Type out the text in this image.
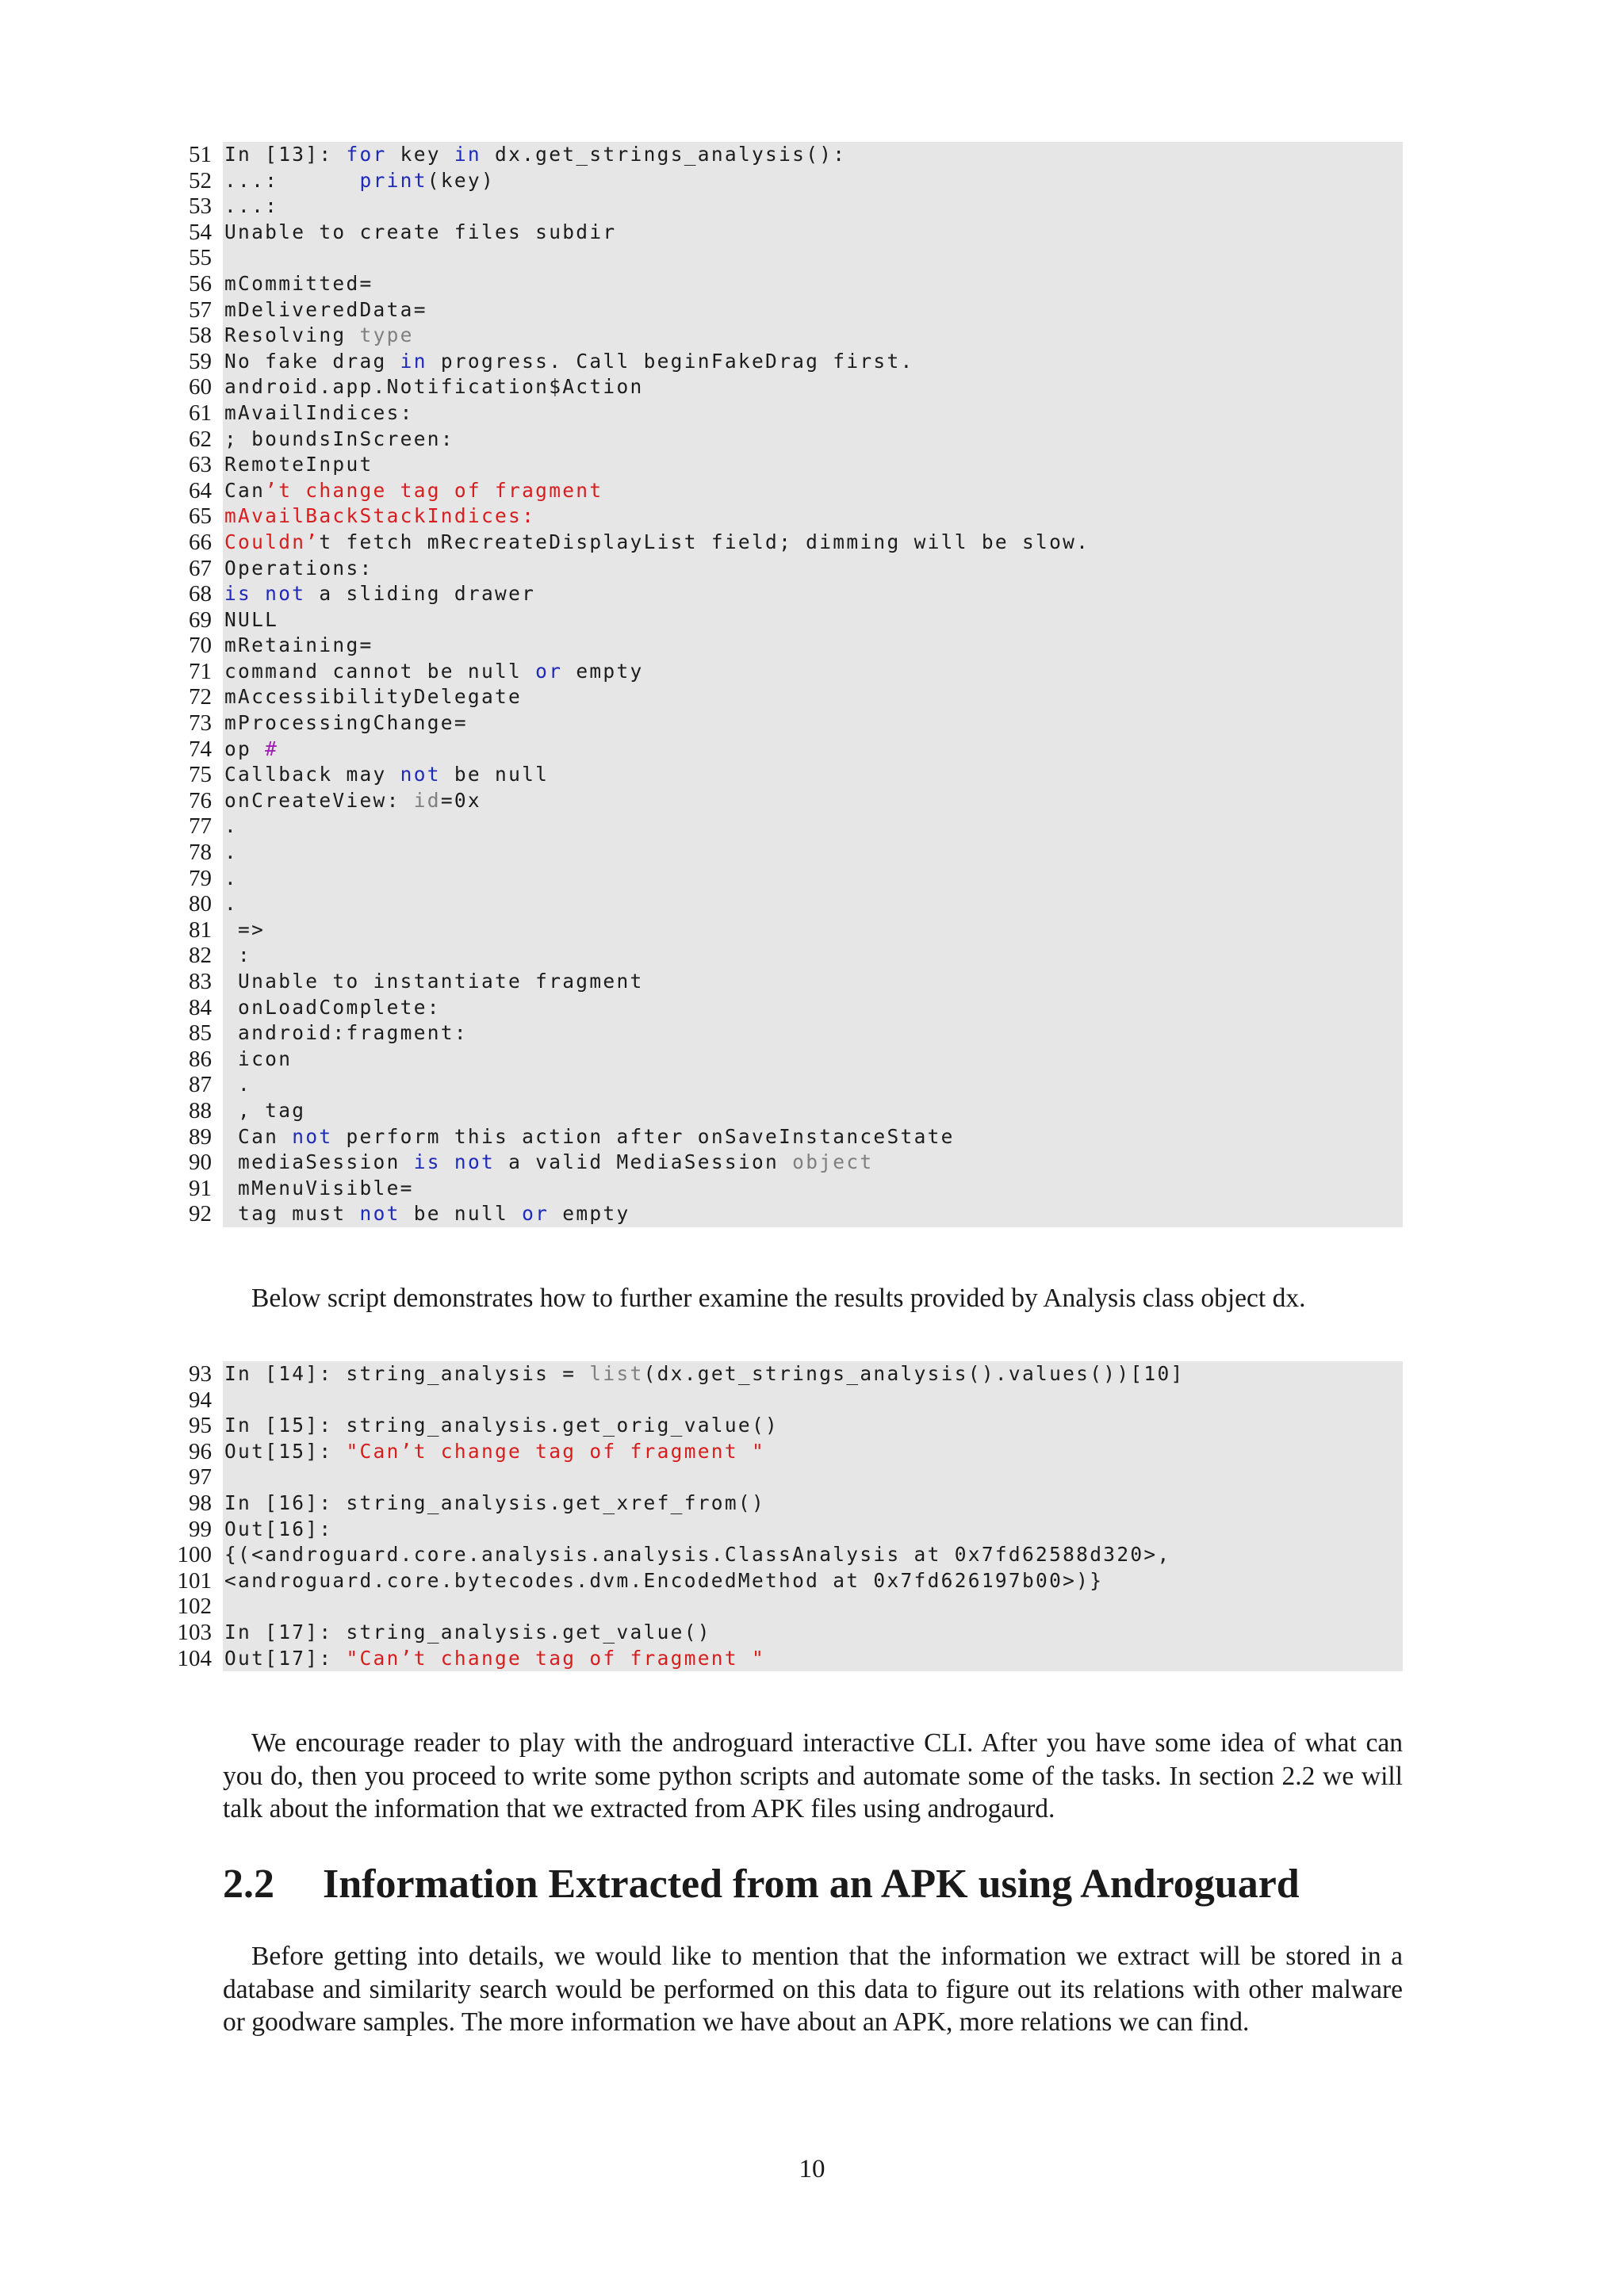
51 In [13]: for key in dx.get_strings_analysis():
52 ...:      print(key)
53 ...:
54 Unable to create files subdir
55
56 mCommitted=
57 mDeliveredData=
58 Resolving type
59 No fake drag in progress. Call beginFakeDrag first.
60 android.app.Notification$Action
61 mAvailIndices:
62 ; boundsInScreen:
63 RemoteInput
64 Can’t change tag of fragment
65 mAvailBackStackIndices:
66 Couldn’t fetch mRecreateDisplayList field; dimming will be slow.
67 Operations:
68 is not a sliding drawer
69 NULL
70 mRetaining=
71 command cannot be null or empty
72 mAccessibilityDelegate
73 mProcessingChange=
74 op #
75 Callback may not be null
76 onCreateView: id=0x
77 .
78 .
79 .
80 .
81 =>
82 :
83 Unable to instantiate fragment
84 onLoadComplete:
85 android:fragment:
86 icon
87 .
88 , tag
89 Can not perform this action after onSaveInstanceState
90 mediaSession is not a valid MediaSession object
91 mMenuVisible=
92 tag must not be null or empty

Below script demonstrates how to further examine the results provided by Analysis class object dx.

93 In [14]: string_analysis = list(dx.get_strings_analysis().values())[10]
94
95 In [15]: string_analysis.get_orig_value()
96 Out[15]: "Can’t change tag of fragment "
97
98 In [16]: string_analysis.get_xref_from()
99 Out[16]:
100 {(<androguard.core.analysis.analysis.ClassAnalysis at 0x7fd62588d320>,
101 <androguard.core.bytecodes.dvm.EncodedMethod at 0x7fd626197b00>)}
102
103 In [17]: string_analysis.get_value()
104 Out[17]: "Can’t change tag of fragment "

We encourage reader to play with the androguard interactive CLI. After you have some idea of what can you do, then you proceed to write some python scripts and automate some of the tasks. In section 2.2 we will talk about the information that we extracted from APK files using androgaurd.

2.2 Information Extracted from an APK using Androguard

Before getting into details, we would like to mention that the information we extract will be stored in a database and similarity search would be performed on this data to figure out its relations with other malware or goodware samples. The more information we have about an APK, more relations we can find.

10
